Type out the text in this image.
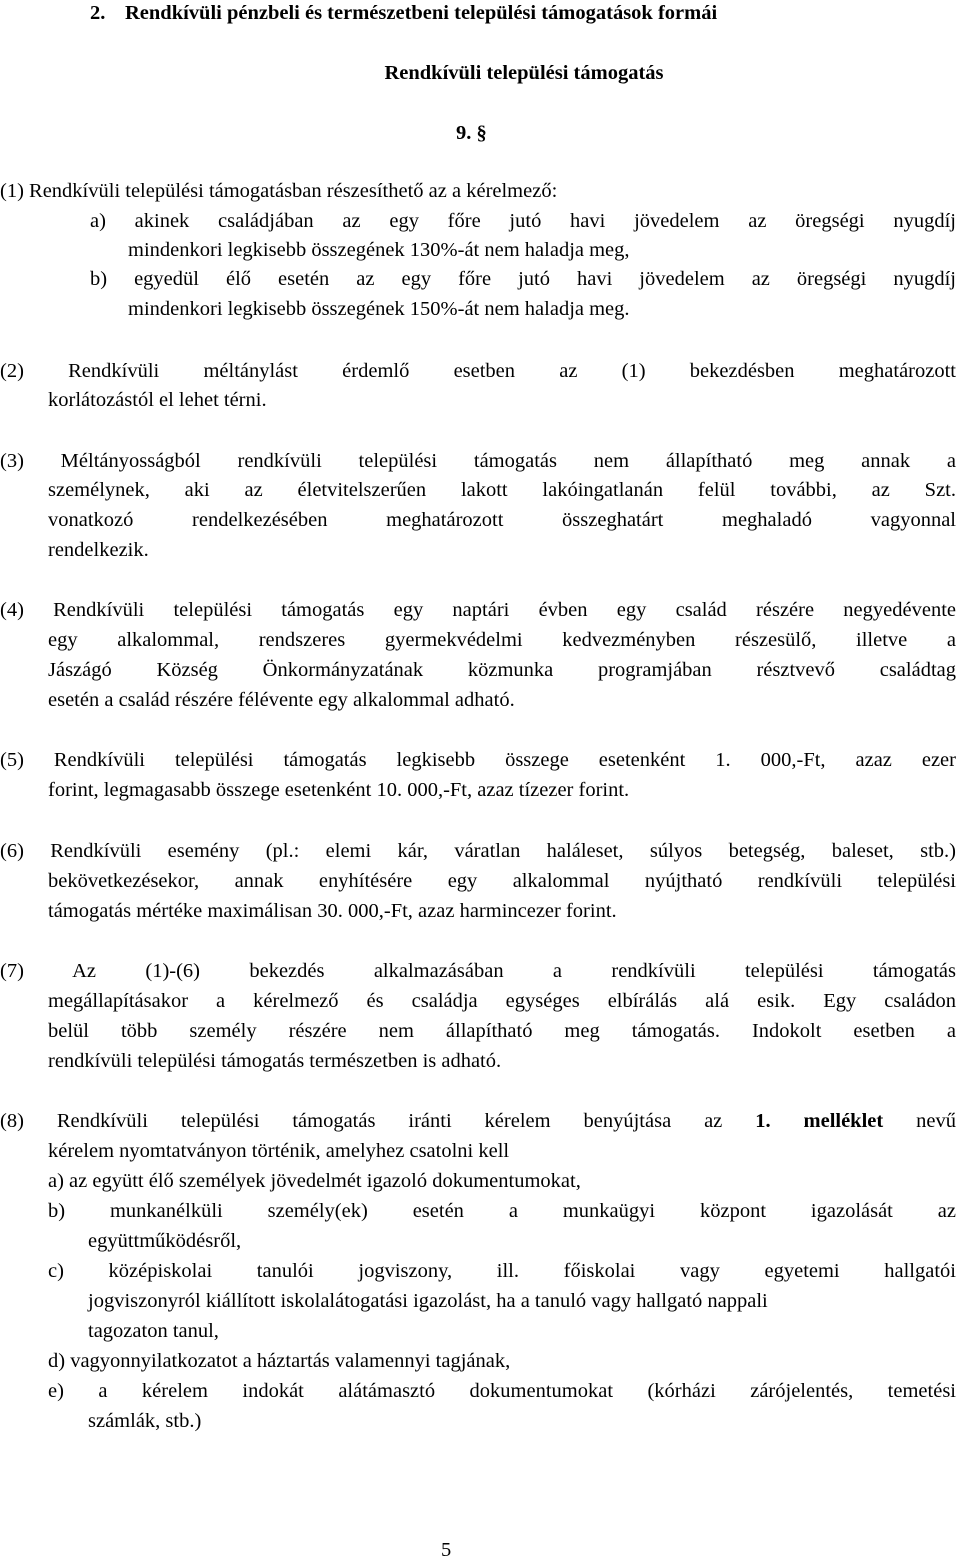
2. Rendkívüli pénzbeli és természetbeni települési támogatások formái
Rendkívüli települési támogatás
9. §
(1) Rendkívüli települési támogatásban részesíthető az a kérelmező:
a) akinek családjában az egy főre jutó havi jövedelem az öregségi nyugdíj
mindenkori legkisebb összegének 130%-át nem haladja meg,
b) egyedül élő esetén az egy főre jutó havi jövedelem az öregségi nyugdíj
mindenkori legkisebb összegének 150%-át nem haladja meg.
(2) Rendkívüli méltánylást érdemlő esetben az (1) bekezdésben meghatározott
korlátozástól el lehet térni.
(3) Méltányosságból rendkívüli települési támogatás nem állapítható meg annak a
személynek, aki az életvitelszerűen lakott lakóingatlanán felül további, az Szt.
vonatkozó rendelkezésében meghatározott összeghatárt meghaladó vagyonnal
rendelkezik.
(4) Rendkívüli települési támogatás egy naptári évben egy család részére negyedévente
egy alkalommal, rendszeres gyermekvédelmi kedvezményben részesülő, illetve a
Jászágó Község Önkormányzatának közmunka programjában résztvevő családtag
esetén a család részére félévente egy alkalommal adható.
(5) Rendkívüli települési támogatás legkisebb összege esetenként 1. 000,-Ft, azaz ezer
forint, legmagasabb összege esetenként 10. 000,-Ft, azaz tízezer forint.
(6) Rendkívüli esemény (pl.: elemi kár, váratlan haláleset, súlyos betegség, baleset, stb.)
bekövetkezésekor, annak enyhítésére egy alkalommal nyújtható rendkívüli települési
támogatás mértéke maximálisan 30. 000,-Ft, azaz harmincezer forint.
(7) Az (1)-(6) bekezdés alkalmazásában a rendkívüli települési támogatás
megállapításakor a kérelmező és családja egységes elbírálás alá esik. Egy családon
belül több személy részére nem állapítható meg támogatás. Indokolt esetben a
rendkívüli települési támogatás természetben is adható.
(8) Rendkívüli települési támogatás iránti kérelem benyújtása az 1. melléklet nevű
kérelem nyomtatványon történik, amelyhez csatolni kell
a) az együtt élő személyek jövedelmét igazoló dokumentumokat,
b) munkanélküli személy(ek) esetén a munkaügyi központ igazolását az
együttműködésről,
c) középiskolai tanulói jogviszony, ill. főiskolai vagy egyetemi hallgatói
jogviszonyról kiállított iskolalátogatási igazolást, ha a tanuló vagy hallgató nappali
tagozaton tanul,
d) vagyonnyilatkozatot a háztartás valamennyi tagjának,
e) a kérelem indokát alátámasztó dokumentumokat (kórházi zárójelentés, temetési
számlák, stb.)
5
